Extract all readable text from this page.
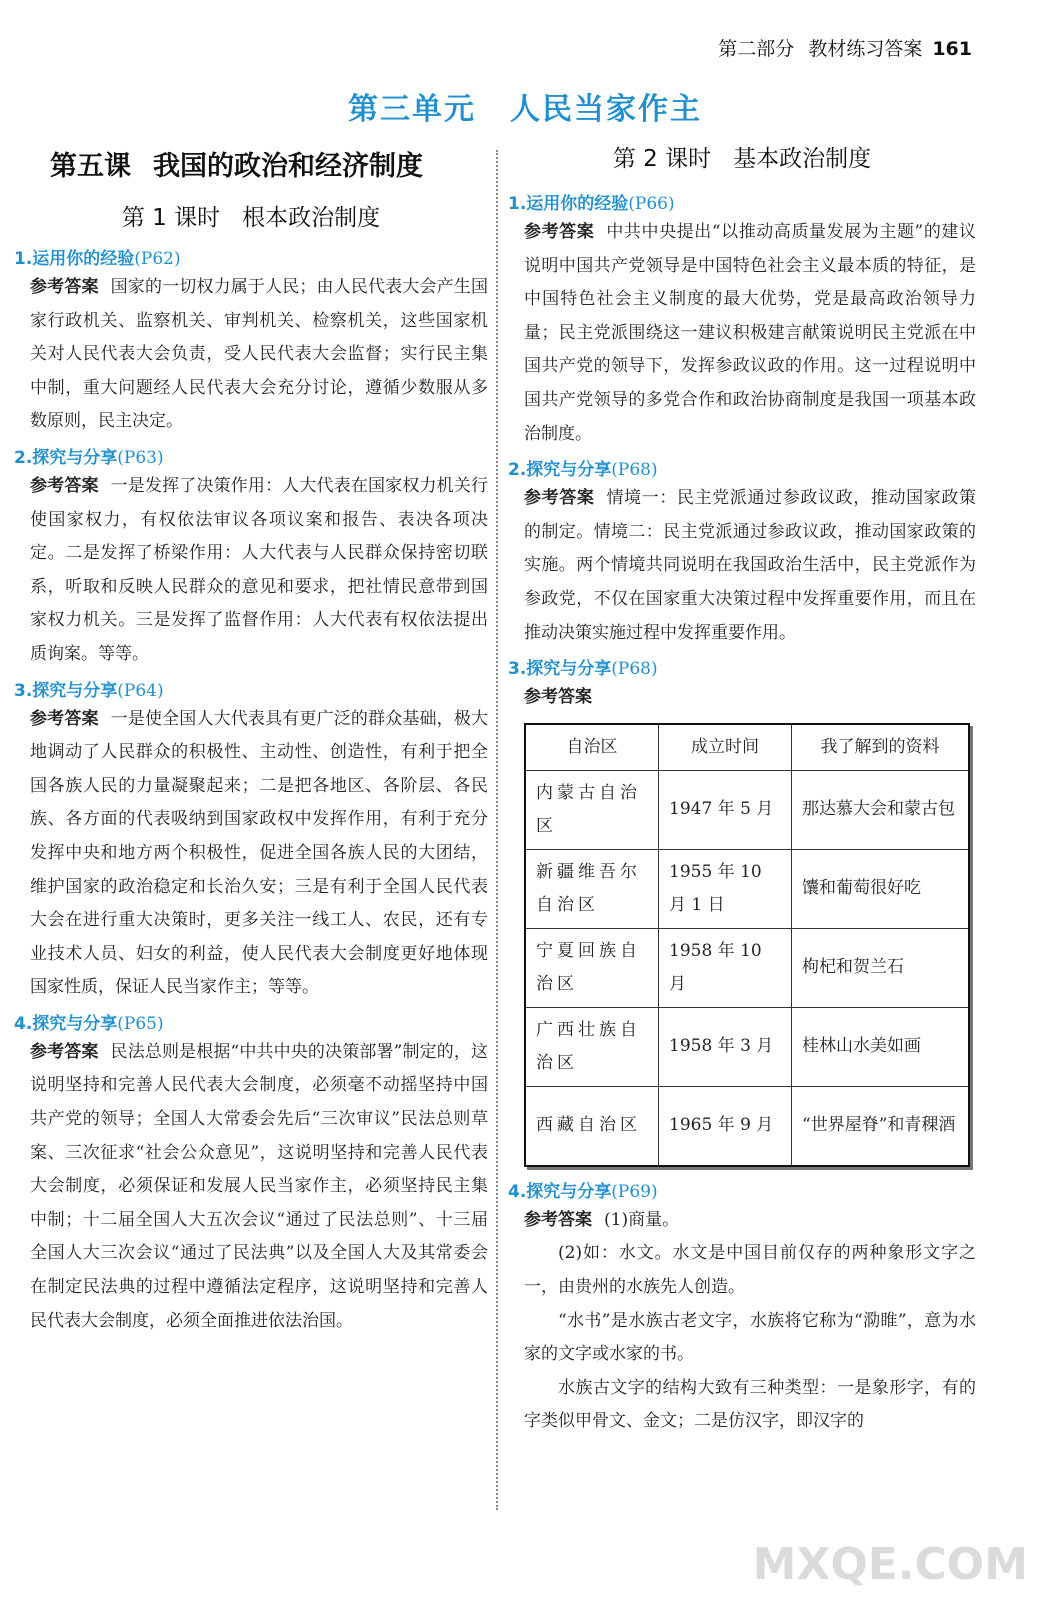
第二部分 教材练习答案 161
第三单元 人民当家作主
第五课 我国的政治和经济制度
第 1 课时 根本政治制度
1.运用你的经验(P62)
参考答案 国家的一切权力属于人民；由人民代表大会产生国家行政机关、监察机关、审判机关、检察机关，这些国家机关对人民代表大会负责，受人民代表大会监督；实行民主集中制，重大问题经人民代表大会充分讨论，遵循少数服从多数原则，民主决定。
2.探究与分享(P63)
参考答案 一是发挥了决策作用：人大代表在国家权力机关行使国家权力，有权依法审议各项议案和报告、表决各项决定。二是发挥了桥梁作用：人大代表与人民群众保持密切联系，听取和反映人民群众的意见和要求，把社情民意带到国家权力机关。三是发挥了监督作用：人大代表有权依法提出质询案。等等。
3.探究与分享(P64)
参考答案 一是使全国人大代表具有更广泛的群众基础，极大地调动了人民群众的积极性、主动性、创造性，有利于把全国各族人民的力量凝聚起来；二是把各地区、各阶层、各民族、各方面的代表吸纳到国家政权中发挥作用，有利于充分发挥中央和地方两个积极性，促进全国各族人民的大团结，维护国家的政治稳定和长治久安；三是有利于全国人民代表大会在进行重大决策时，更多关注一线工人、农民，还有专业技术人员、妇女的利益，使人民代表大会制度更好地体现国家性质，保证人民当家作主；等等。
4.探究与分享(P65)
参考答案 民法总则是根据“中共中央的决策部署”制定的，这说明坚持和完善人民代表大会制度，必须毫不动摇坚持中国共产党的领导；全国人大常委会先后“三次审议”民法总则草案、三次征求“社会公众意见”，这说明坚持和完善人民代表大会制度，必须保证和发展人民当家作主，必须坚持民主集中制；十二届全国人大五次会议“通过了民法总则”、十三届全国人大三次会议“通过了民法典”以及全国人大及其常委会在制定民法典的过程中遵循法定程序，这说明坚持和完善人民代表大会制度，必须全面推进依法治国。
第 2 课时 基本政治制度
1.运用你的经验(P66)
参考答案 中共中央提出“以推动高质量发展为主题”的建议说明中国共产党领导是中国特色社会主义最本质的特征，是中国特色社会主义制度的最大优势，党是最高政治领导力量；民主党派围绕这一建议积极建言献策说明民主党派在中国共产党的领导下，发挥参政议政的作用。这一过程说明中国共产党领导的多党合作和政治协商制度是我国一项基本政治制度。
2.探究与分享(P68)
参考答案 情境一：民主党派通过参政议政，推动国家政策的制定。情境二：民主党派通过参政议政，推动国家政策的实施。两个情境共同说明在我国政治生活中，民主党派作为参政党，不仅在国家重大决策过程中发挥重要作用，而且在推动决策实施过程中发挥重要作用。
3.探究与分享(P68)
参考答案
自治区	成立时间	我了解到的资料
内蒙古自治区	1947 年 5 月	那达慕大会和蒙古包
新疆维吾尔自治区	1955 年 10 月 1 日	馕和葡萄很好吃
宁夏回族自治区	1958 年 10 月	枸杞和贺兰石
广西壮族自治区	1958 年 3 月	桂林山水美如画
西藏自治区	1965 年 9 月	“世界屋脊”和青稞酒
4.探究与分享(P69)
参考答案 (1)商量。

(2)如：水文。水文是中国目前仅存的两种象形文字之一，由贵州的水族先人创造。

“水书”是水族古老文字，水族将它称为“泐睢”，意为水家的文字或水家的书。

水族古文字的结构大致有三种类型：一是象形字，有的字类似甲骨文、金文；二是仿汉字，即汉字的

MXQE.COM
